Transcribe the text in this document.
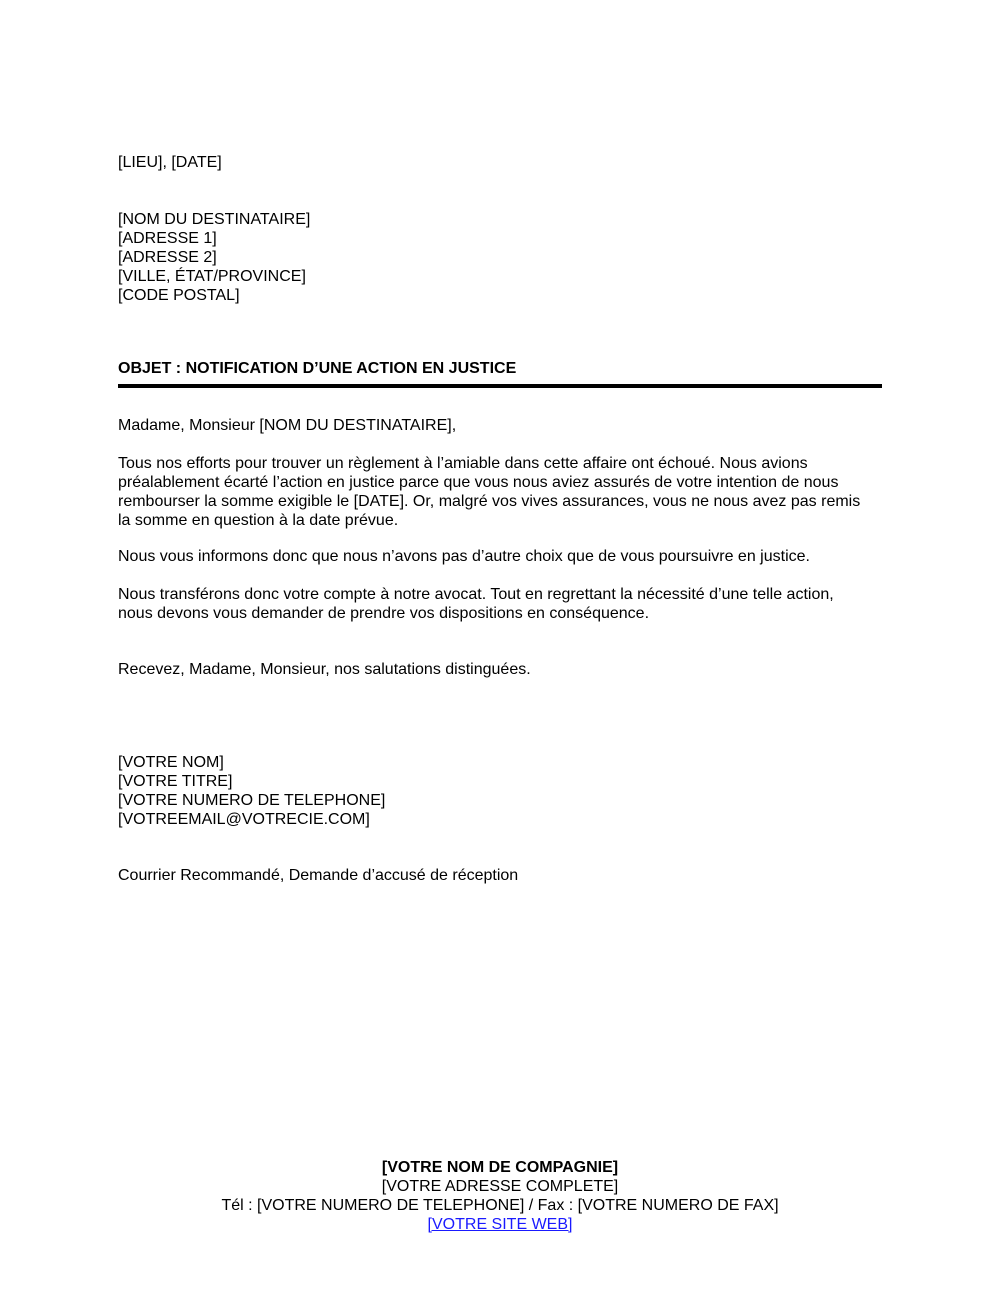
[LIEU], [DATE]
[NOM DU DESTINATAIRE]
[ADRESSE 1]
[ADRESSE 2]
[VILLE, ÉTAT/PROVINCE]
[CODE POSTAL]
OBJET : NOTIFICATION D’UNE ACTION EN JUSTICE
Madame, Monsieur [NOM DU DESTINATAIRE],
Tous nos efforts pour trouver un règlement à l’amiable dans cette affaire ont échoué. Nous avions
préalablement écarté l’action en justice parce que vous nous aviez assurés de votre intention de nous
rembourser la somme exigible le [DATE]. Or, malgré vos vives assurances, vous ne nous avez pas remis
la somme en question à la date prévue.
Nous vous informons donc que nous n’avons pas d’autre choix que de vous poursuivre en justice.
Nous transférons donc votre compte à notre avocat. Tout en regrettant la nécessité d’une telle action,
nous devons vous demander de prendre vos dispositions en conséquence.
Recevez, Madame, Monsieur, nos salutations distinguées.
[VOTRE NOM]
[VOTRE TITRE]
[VOTRE NUMERO DE TELEPHONE]
[VOTREEMAIL@VOTRECIE.COM]
Courrier Recommandé, Demande d’accusé de réception
[VOTRE NOM DE COMPAGNIE]
[VOTRE ADRESSE COMPLETE]
Tél : [VOTRE NUMERO DE TELEPHONE] / Fax : [VOTRE NUMERO DE FAX]
[VOTRE SITE WEB]
